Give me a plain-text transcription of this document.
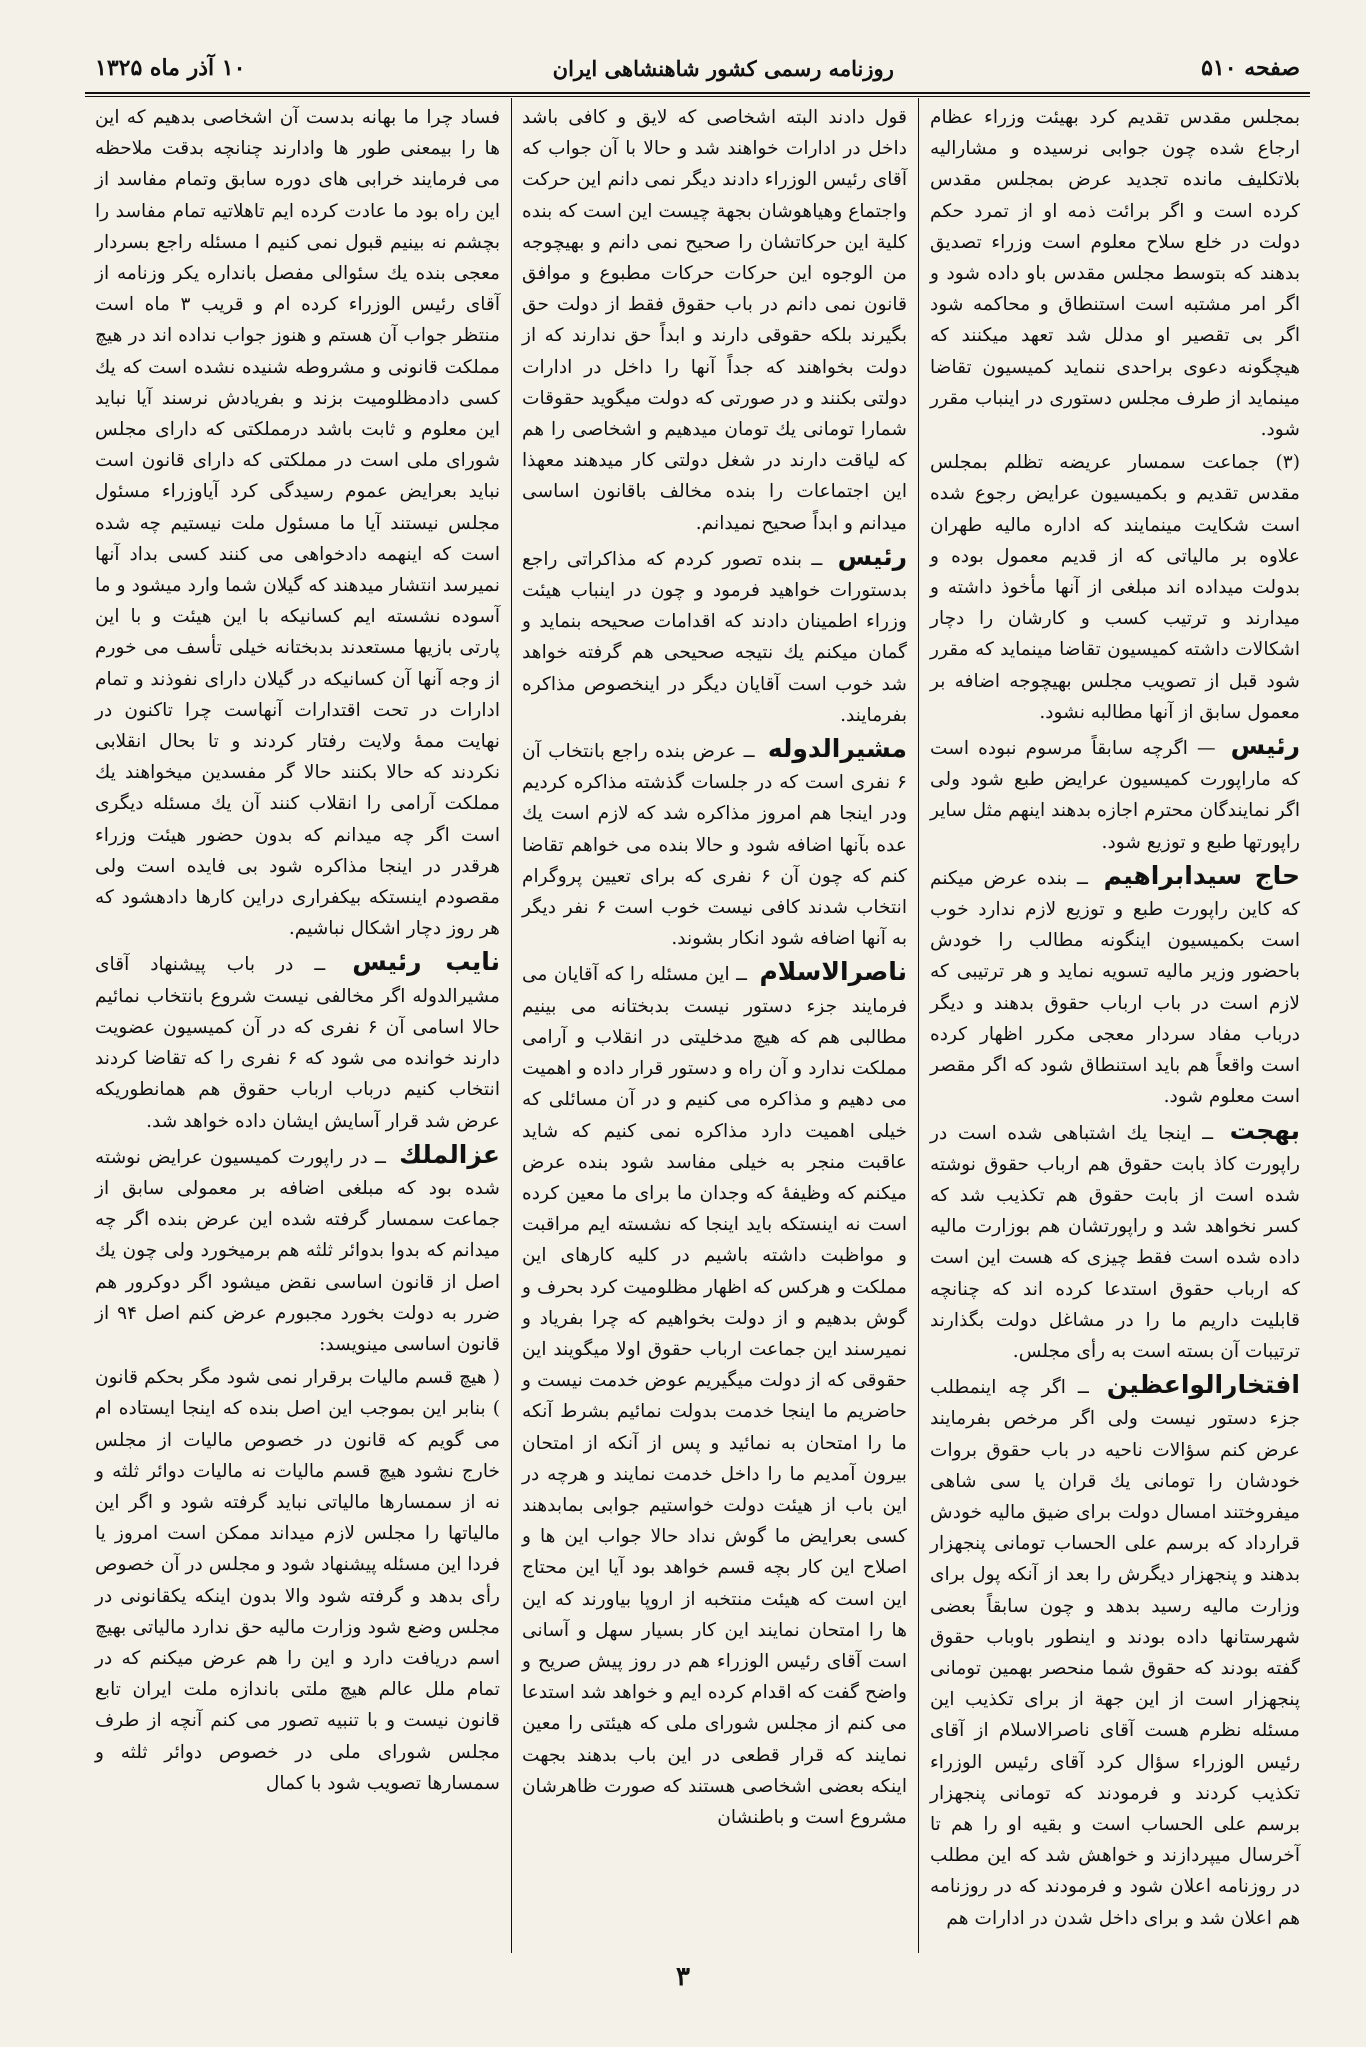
صفحه ۵۱۰
روزنامه رسمی کشور شاهنشاهی ایران
۱۰ آذر ماه ۱۳۲۵

بمجلس مقدس تقدیم کرد بهیئت وزراء عظام ارجاع شده چون جوابی نرسیده و مشاراليه بلاتکلیف مانده تجدید عرض بمجلس مقدس کرده است و اگر برائت ذمه او از تمرد حکم دولت در خلع سلاح معلوم است وزراء تصدیق بدهند که بتوسط مجلس مقدس باو داده شود و اگر امر مشتبه است استنطاق و محاکمه شود اگر بی تقصیر او مدلل شد تعهد میکنند که هیچگونه دعوی براحدی ننماید کمیسیون تقاضا مینماید از طرف مجلس دستوری در اینباب مقرر شود.

(۳) جماعت سمسار عریضه تظلم بمجلس مقدس تقدیم و بکمیسیون عرایض رجوع شده است شکایت مینمایند که اداره مالیه طهران علاوه بر مالیاتی که از قدیم معمول بوده و بدولت میداده اند مبلغی از آنها مأخوذ داشته و میدارند و ترتیب کسب و کارشان را دچار اشکالات داشته کمیسیون تقاضا مینماید که مقرر شود قبل از تصویب مجلس بهیچوجه اضافه بر معمول سابق از آنها مطالبه نشود.

رئیس — اگرچه سابقاً مرسوم نبوده است که ماراپورت کمیسیون عرایض طبع شود ولی اگر نمایندگان محترم اجازه بدهند اینهم مثل سایر راپورتها طبع و توزیع شود.

حاج سیدابراهیم ــ بنده عرض میکنم که کاین راپورت طبع و توزیع لازم ندارد خوب است بکمیسیون اینگونه مطالب را خودش باحضور وزیر مالیه تسویه نماید و هر ترتیبی که لازم است در باب ارباب حقوق بدهند و دیگر درباب مفاد سردار معجی مکرر اظهار کرده است واقعاً هم باید استنطاق شود که اگر مقصر است معلوم شود.

بهجت ــ اینجا یك اشتباهی شده است در راپورت کاذ بابت حقوق هم ارباب حقوق نوشته شده است از بابت حقوق هم تکذیب شد که کسر نخواهد شد و راپورتشان هم بوزارت مالیه داده شده است فقط چیزی که هست این است که ارباب حقوق استدعا کرده اند که چنانچه قابلیت داریم ما را در مشاغل دولت بگذارند ترتیبات آن بسته است به رأی مجلس.

افتخارالواعظین ــ اگر چه اینمطلب جزء دستور نیست ولی اگر مرخص بفرمایند عرض کنم سؤالات ناحیه در باب حقوق بروات خودشان را تومانی یك قران یا سی شاهی میفروختند امسال دولت برای ضیق مالیه خودش قرارداد که برسم علی الحساب تومانی پنجهزار بدهند و پنجهزار دیگرش را بعد از آنکه پول برای وزارت مالیه رسید بدهد و چون سابقاً بعضی شهرستانها داده بودند و اینطور باوباب حقوق گفته بودند که حقوق شما منحصر بهمین تومانی پنجهزار است از این جهة از برای تکذیب این مسئله نظرم هست آقای ناصرالاسلام از آقای رئیس الوزراء سؤال کرد آقای رئیس الوزراء تکذیب کردند و فرمودند که تومانی پنجهزار برسم علی الحساب است و بقیه او را هم تا آخرسال میپردازند و خواهش شد که این مطلب در روزنامه اعلان شود و فرمودند که در روزنامه هم اعلان شد و برای داخل شدن در ادارات هم

قول دادند البته اشخاصی که لایق و کافی باشد داخل در ادارات خواهند شد و حالا با آن جواب که آقای رئیس الوزراء دادند دیگر نمی دانم این حرکت واجتماع وهیاهوشان بجهة چیست این است که بنده کلیة این حرکاتشان را صحیح نمی دانم و بهیچوجه من الوجوه این حرکات حرکات مطبوع و موافق قانون نمی دانم در باب حقوق فقط از دولت حق بگیرند بلکه حقوقی دارند و ابداً حق ندارند که از دولت بخواهند که جداً آنها را داخل در ادارات دولتی بکنند و در صورتی که دولت میگوید حقوقات شمارا تومانی یك تومان میدهیم و اشخاصی را هم که لیاقت دارند در شغل دولتی کار میدهند معهذا این اجتماعات را بنده مخالف باقانون اساسی میدانم و ابداً صحیح نمیدانم.

رئیس ــ بنده تصور کردم که مذاکراتی راجع بدستورات خواهید فرمود و چون در اینباب هیئت وزراء اطمینان دادند که اقدامات صحیحه بنماید و گمان میکنم یك نتیجه صحیحی هم گرفته خواهد شد خوب است آقایان دیگر در اینخصوص مذاکره بفرمایند.

مشیرالدوله ــ عرض بنده راجع بانتخاب آن ۶ نفری است که در جلسات گذشته مذاکره کردیم ودر اینجا هم امروز مذاکره شد که لازم است یك عده بآنها اضافه شود و حالا بنده می خواهم تقاضا کنم که چون آن ۶ نفری که برای تعیین پروگرام انتخاب شدند کافی نیست خوب است ۶ نفر دیگر به آنها اضافه شود انکار بشوند.

ناصرالاسلام ــ این مسئله را که آقایان می فرمایند جزء دستور نیست بدبختانه می بینیم مطالبی هم که هیچ مدخلیتی در انقلاب و آرامی مملکت ندارد و آن راه و دستور قرار داده و اهمیت می دهیم و مذاکره می کنیم و در آن مسائلی که خیلی اهمیت دارد مذاکره نمی کنیم که شاید عاقبت منجر به خیلی مفاسد شود بنده عرض میکنم که وظیفهٔ که وجدان ما برای ما معین کرده است نه اینستکه باید اینجا که نشسته ایم مراقبت و مواظبت داشته باشیم در کلیه کارهای این مملکت و هرکس که اظهار مظلومیت کرد بحرف و گوش بدهیم و از دولت بخواهیم که چرا بفریاد و نمیرسند این جماعت ارباب حقوق اولا میگویند این حقوقی که از دولت میگیریم عوض خدمت نیست و حاضریم ما اینجا خدمت بدولت نمائیم بشرط آنکه ما را امتحان به نمائید و پس از آنکه از امتحان بیرون آمدیم ما را داخل خدمت نمایند و هرچه در این باب از هیئت دولت خواستیم جوابی بمابدهند کسی بعرایض ما گوش نداد حالا جواب این ها و اصلاح این کار بچه قسم خواهد بود آیا این محتاج این است که هیئت منتخبه از اروپا بیاورند که این ها را امتحان نمایند این کار بسیار سهل و آسانی است آقای رئیس الوزراء هم در روز پیش صریح و واضح گفت که اقدام کرده ایم و خواهد شد استدعا می کنم از مجلس شورای ملی که هیئتی را معین نمایند که قرار قطعی در این باب بدهند بجهت اینکه بعضی اشخاصی هستند که صورت ظاهرشان مشروع است و باطنشان

فساد چرا ما بهانه بدست آن اشخاصی بدهیم که این ها را بیمعنی طور ها وادارند چنانچه بدقت ملاحظه می فرمایند خرابی های دوره سابق وتمام مفاسد از این راه بود ما عادت کرده ایم تاهلاتیه تمام مفاسد را بچشم نه بینیم قبول نمی کنیم ا مسئله راجع بسردار معجی بنده یك سئوالی مفصل بانداره یکر وزنامه از آقای رئیس الوزراء کرده ام و قریب ۳ ماه است منتظر جواب آن هستم و هنوز جواب نداده اند در هیچ مملکت قانونی و مشروطه شنیده نشده است که یك کسی دادمظلومیت بزند و بفریادش نرسند آیا نباید این معلوم و ثابت باشد درمملکتی که دارای مجلس شورای ملی است در مملکتی که دارای قانون است نباید بعرایض عموم رسیدگی کرد آیاوزراء مسئول مجلس نیستند آیا ما مسئول ملت نیستیم چه شده است که اینهمه دادخواهی می کنند کسی بداد آنها نمیرسد انتشار میدهند که گیلان شما وارد میشود و ما آسوده نشسته ایم کسانیکه با این هیئت و با این پارتی بازیها مستعدند بدبختانه خیلی تأسف می خورم از وجه آنها آن کسانیکه در گیلان دارای نفوذند و تمام ادارات در تحت اقتدارات آنهاست چرا تاکنون در نهایت ممهٔ ولایت رفتار کردند و تا بحال انقلابی نکردند که حالا بکنند حالا گر مفسدین میخواهند یك مملکت آرامی را انقلاب کنند آن یك مسئله دیگری است اگر چه میدانم که بدون حضور هیئت وزراء هرقدر در اینجا مذاکره شود بی فایده است ولی مقصودم اینستکه بیکفراری دراین کارها دادهشود که هر روز دچار اشکال نباشیم.

نایب رئیس ــ در باب پیشنهاد آقای مشیرالدوله اگر مخالفی نیست شروع بانتخاب نمائیم حالا اسامی آن ۶ نفری که در آن کمیسیون عضویت دارند خوانده می شود که ۶ نفری را که تقاضا کردند انتخاب کنیم درباب ارباب حقوق هم همانطوریکه عرض شد قرار آسایش ایشان داده خواهد شد.

عزالملك ــ در راپورت کمیسیون عرایض نوشته شده بود که مبلغی اضافه بر معمولی سابق از جماعت سمسار گرفته شده این عرض بنده اگر چه میدانم که بدوا بدوائر ثلثه هم برمیخورد ولی چون یك اصل از قانون اساسی نقض میشود اگر دوکرور هم ضرر به دولت بخورد مجبورم عرض کنم اصل ۹۴ از قانون اساسی مینویسد:

( هیچ قسم مالیات برقرار نمی شود مگر بحکم قانون ) بنابر این بموجب این اصل بنده که اینجا ایستاده ام می گویم که قانون در خصوص مالیات از مجلس خارج نشود هیچ قسم مالیات نه مالیات دوائر ثلثه و نه از سمسارها مالیاتی نباید گرفته شود و اگر این مالیاتها را مجلس لازم میداند ممکن است امروز یا فردا این مسئله پیشنهاد شود و مجلس در آن خصوص رأی بدهد و گرفته شود والا بدون اینکه یکقانونی در مجلس وضع شود وزارت مالیه حق ندارد مالیاتی بهیچ اسم دریافت دارد و این را هم عرض میکنم که در تمام ملل عالم هیچ ملتی باندازه ملت ایران تابع قانون نیست و با تنبیه تصور می کنم آنچه از طرف مجلس شورای ملی در خصوص دوائر ثلثه و سمسارها تصویب شود با کمال

۳
